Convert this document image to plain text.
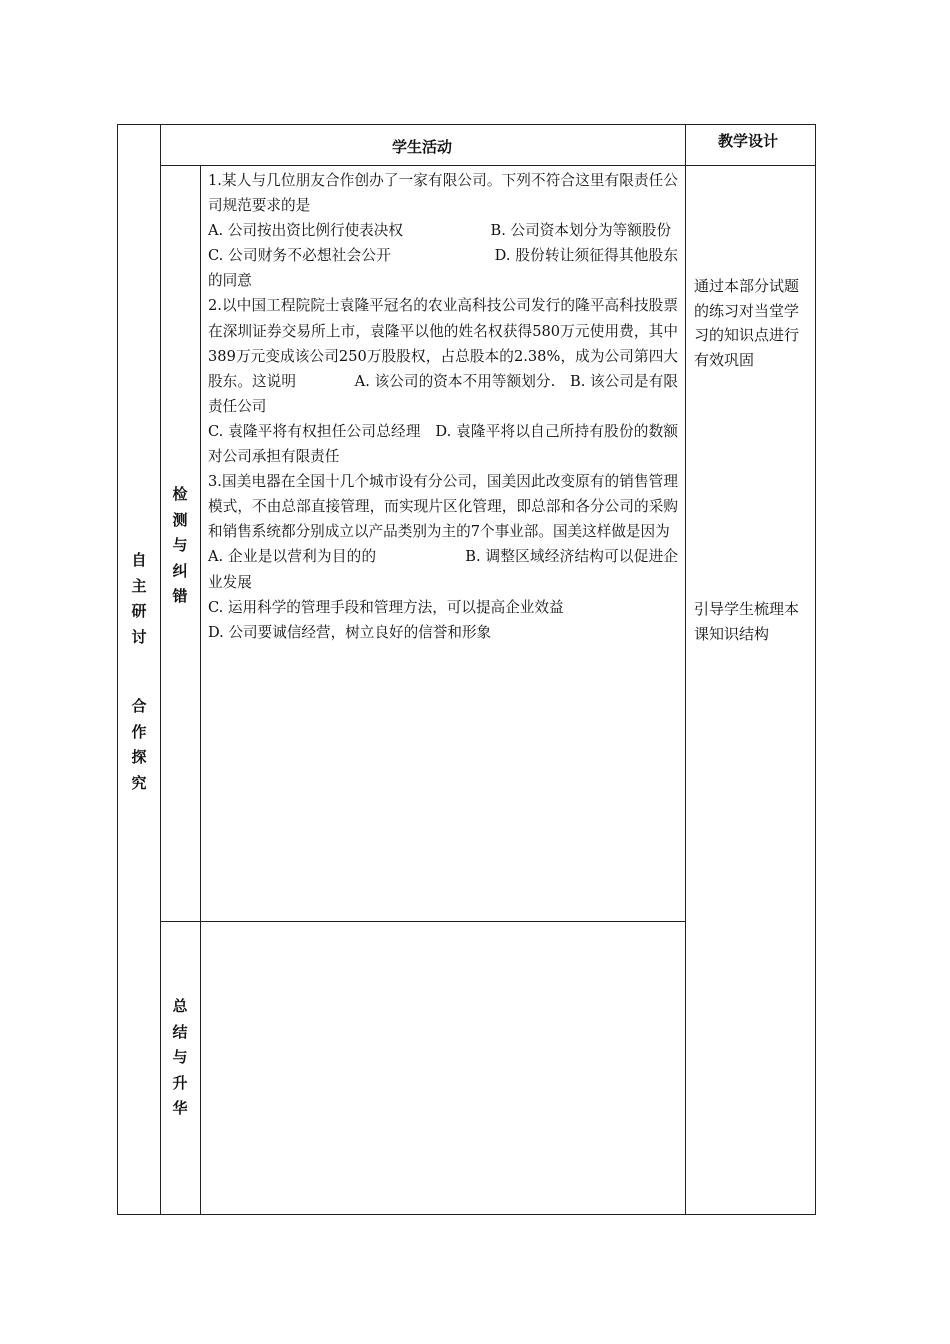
学生活动	教学设计
自
主
研
讨
合
作
探
究
检
测
与
纠
错
总
结
与
升
华

1.某人与几位朋友合作创办了一家有限公司。下列不符合这里有限责任公司规范要求的是

A. 公司按出资比例行使表决权　　　　　　B. 公司资本划分为等额股份

C. 公司财务不必想社会公开　　　　　　　D. 股份转让须征得其他股东的同意

2.以中国工程院院士袁隆平冠名的农业高科技公司发行的隆平高科技股票在深圳证券交易所上市，袁隆平以他的姓名权获得580万元使用费，其中389万元变成该公司250万股股权，占总股本的2.38%，成为公司第四大股东。这说明　　　　A. 该公司的资本不用等额划分.　B. 该公司是有限责任公司

C. 袁隆平将有权担任公司总经理　D. 袁隆平将以自己所持有股份的数额对公司承担有限责任

3.国美电器在全国十几个城市设有分公司，国美因此改变原有的销售管理模式，不由总部直接管理，而实现片区化管理，即总部和各分公司的采购和销售系统都分别成立以产品类别为主的7个事业部。国美这样做是因为

A. 企业是以营利为目的的　　　　　　B. 调整区域经济结构可以促进企业发展

C. 运用科学的管理手段和管理方法，可以提高企业效益

D. 公司要诚信经营，树立良好的信誉和形象

通过本部分试题的练习对当堂学习的知识点进行有效巩固
引导学生梳理本课知识结构
